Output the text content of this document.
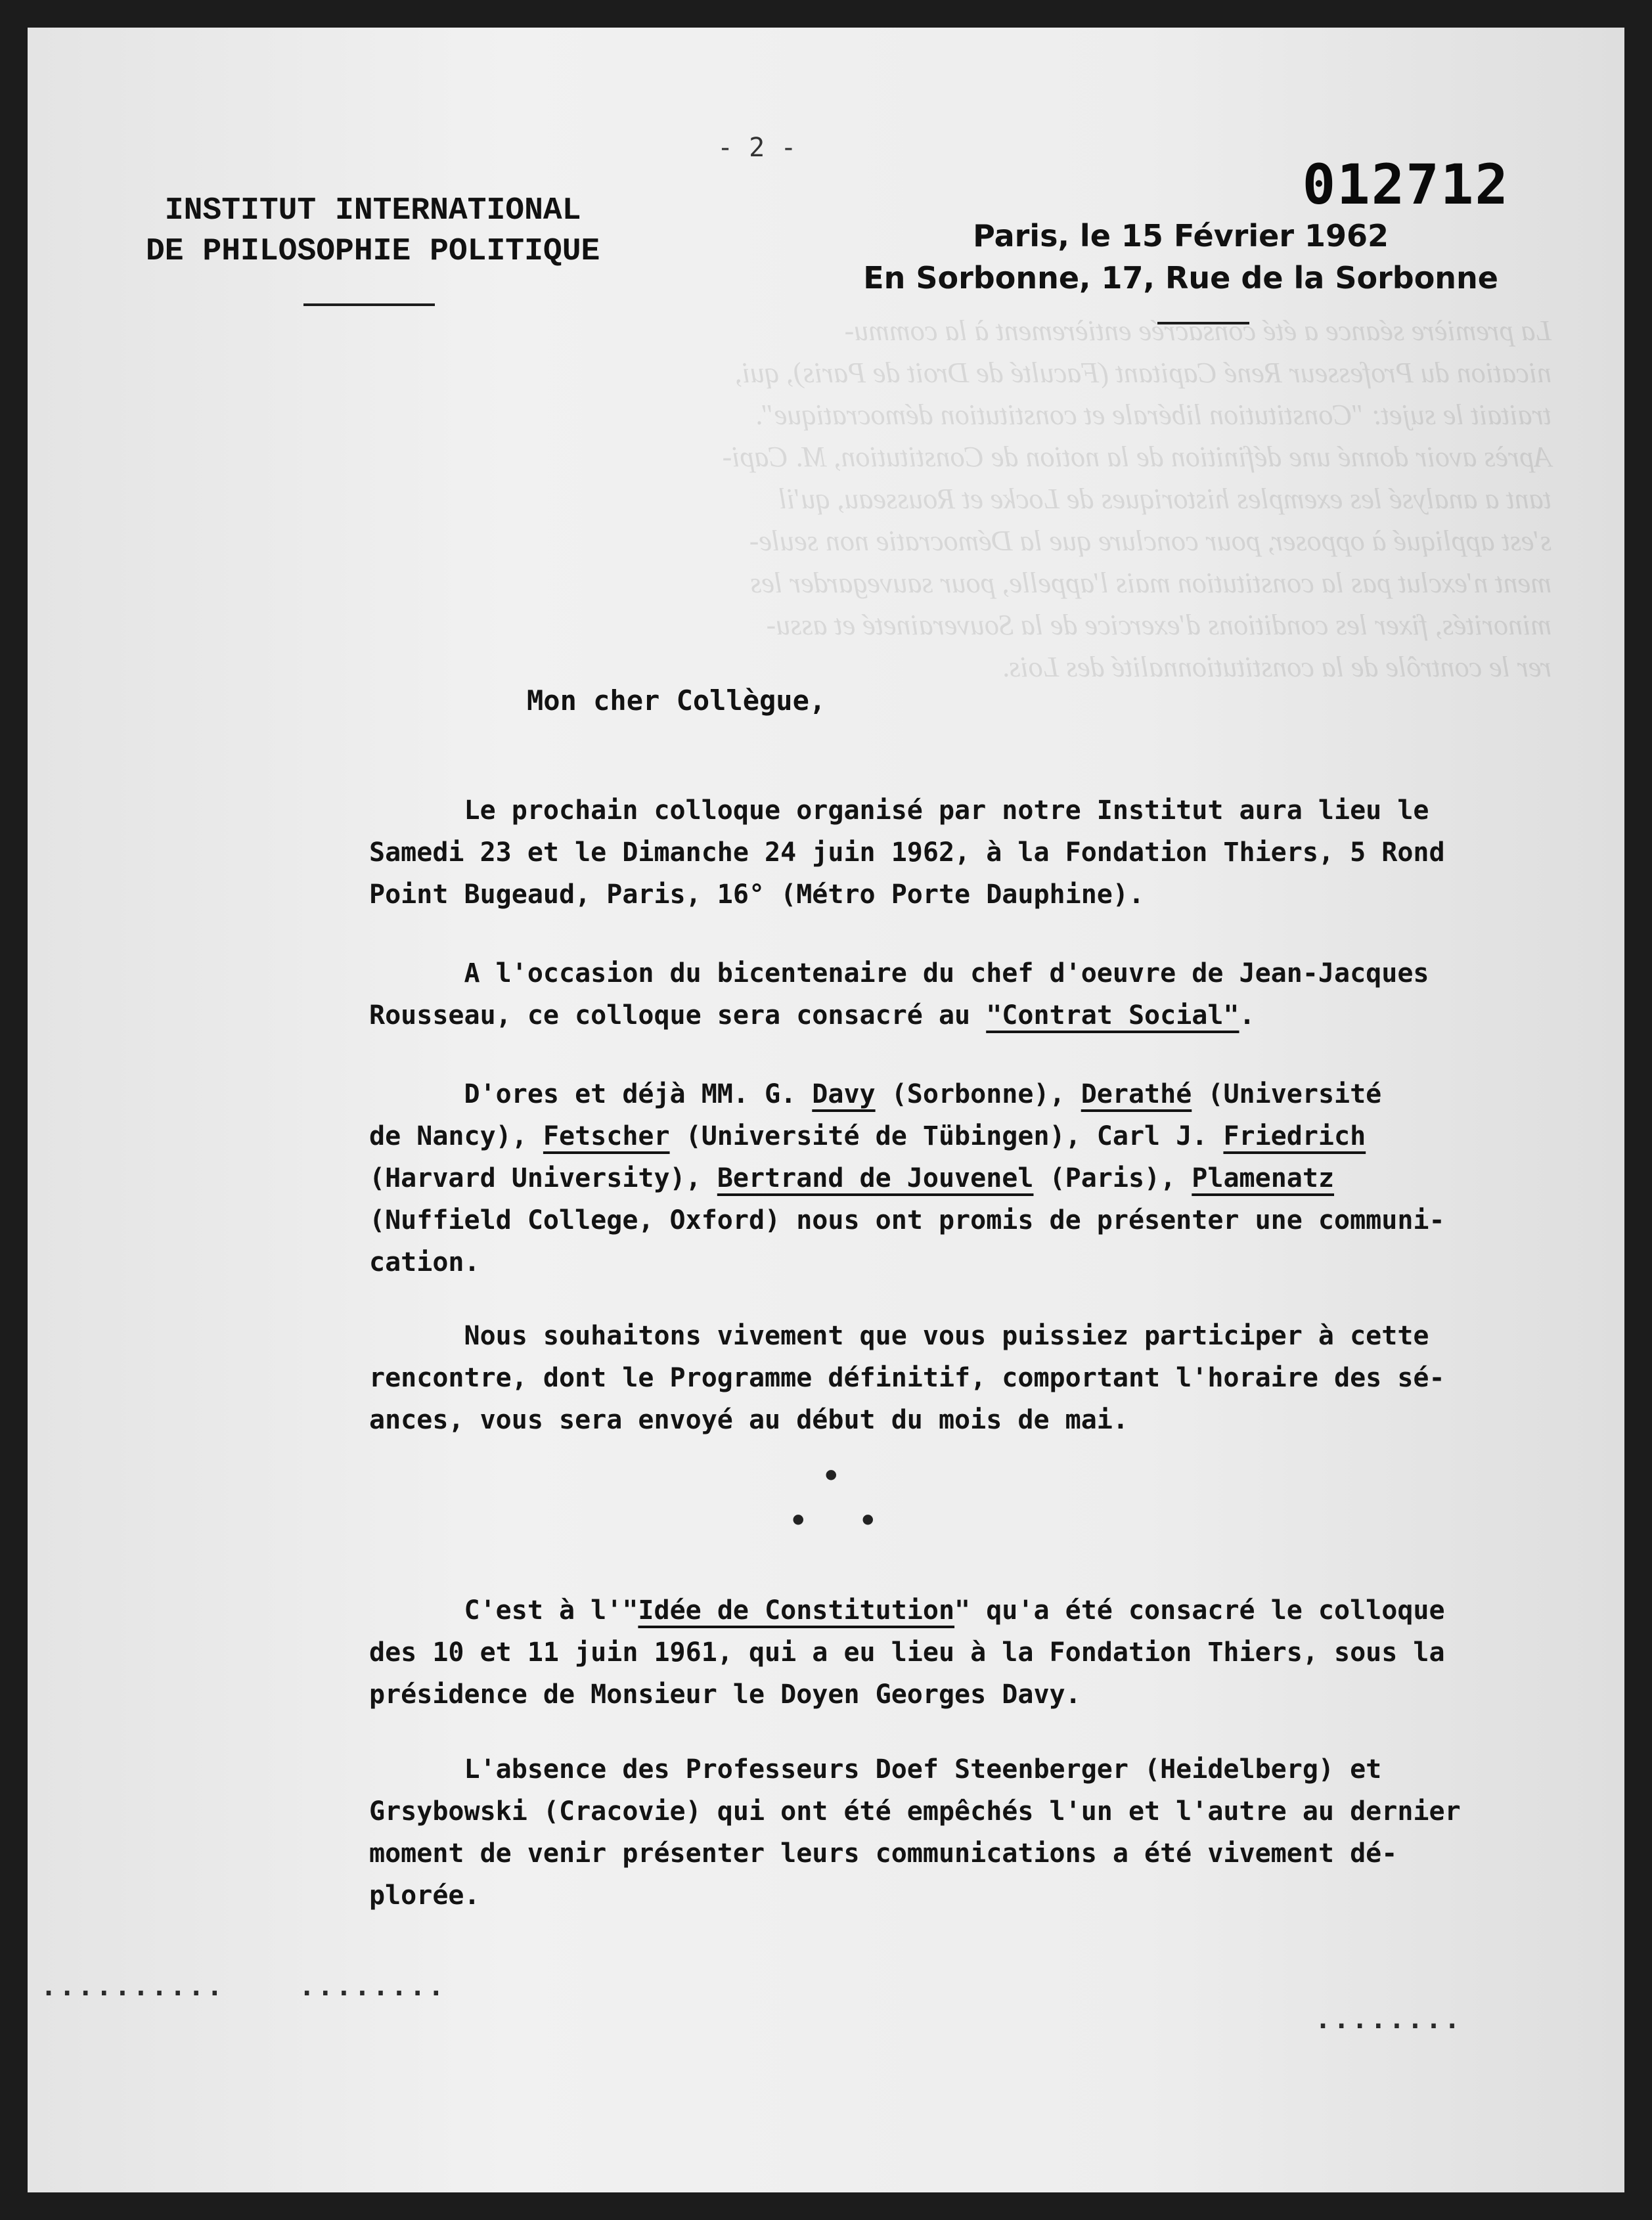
La première séance a été consacrée entièrement à la commu-
nication du Professeur René Capitant (Faculté de Droit de Paris), qui,
traitait le sujet: "Constitution libérale et constitution démocratique".
Après avoir donné une définition de la notion de Constitution, M. Capi-
tant a analysé les exemples historiques de Locke et Rousseau, qu'il
s'est appliqué à opposer, pour conclure que la Démocratie non seule-
ment n'exclut pas la constitution mais l'appelle, pour sauvegarder les
minorités, fixer les conditions d'exercice de la Souveraineté et assu-
rer le contrôle de la constitutionnalité des Lois.
- 2 -
INSTITUT INTERNATIONAL
DE PHILOSOPHIE POLITIQUE
012712
Paris, le 15 Février 1962
En Sorbonne, 17, Rue de la Sorbonne
Mon cher Collègue,
Le prochain colloque organisé par notre Institut aura lieu le
Samedi 23 et le Dimanche 24 juin 1962, à la Fondation Thiers, 5 Rond
Point Bugeaud, Paris, 16° (Métro Porte Dauphine).
A l'occasion du bicentenaire du chef d'oeuvre de Jean-Jacques
Rousseau, ce colloque sera consacré au "Contrat Social".
D'ores et déjà MM. G. Davy (Sorbonne), Derathé (Université
de Nancy), Fetscher (Université de Tübingen), Carl J. Friedrich
(Harvard University), Bertrand de Jouvenel (Paris), Plamenatz
(Nuffield College, Oxford) nous ont promis de présenter une communi-
cation.
Nous souhaitons vivement que vous puissiez participer à cette
rencontre, dont le Programme définitif, comportant l'horaire des sé-
ances, vous sera envoyé au début du mois de mai.
•
•   •
C'est à l'"Idée de Constitution" qu'a été consacré le colloque
des 10 et 11 juin 1961, qui a eu lieu à la Fondation Thiers, sous la
présidence de Monsieur le Doyen Georges Davy.
L'absence des Professeurs Doef Steenberger (Heidelberg) et
Grsybowski (Cracovie) qui ont été empêchés l'un et l'autre au dernier
moment de venir présenter leurs communications a été vivement dé-
plorée.
..........    ........
........
